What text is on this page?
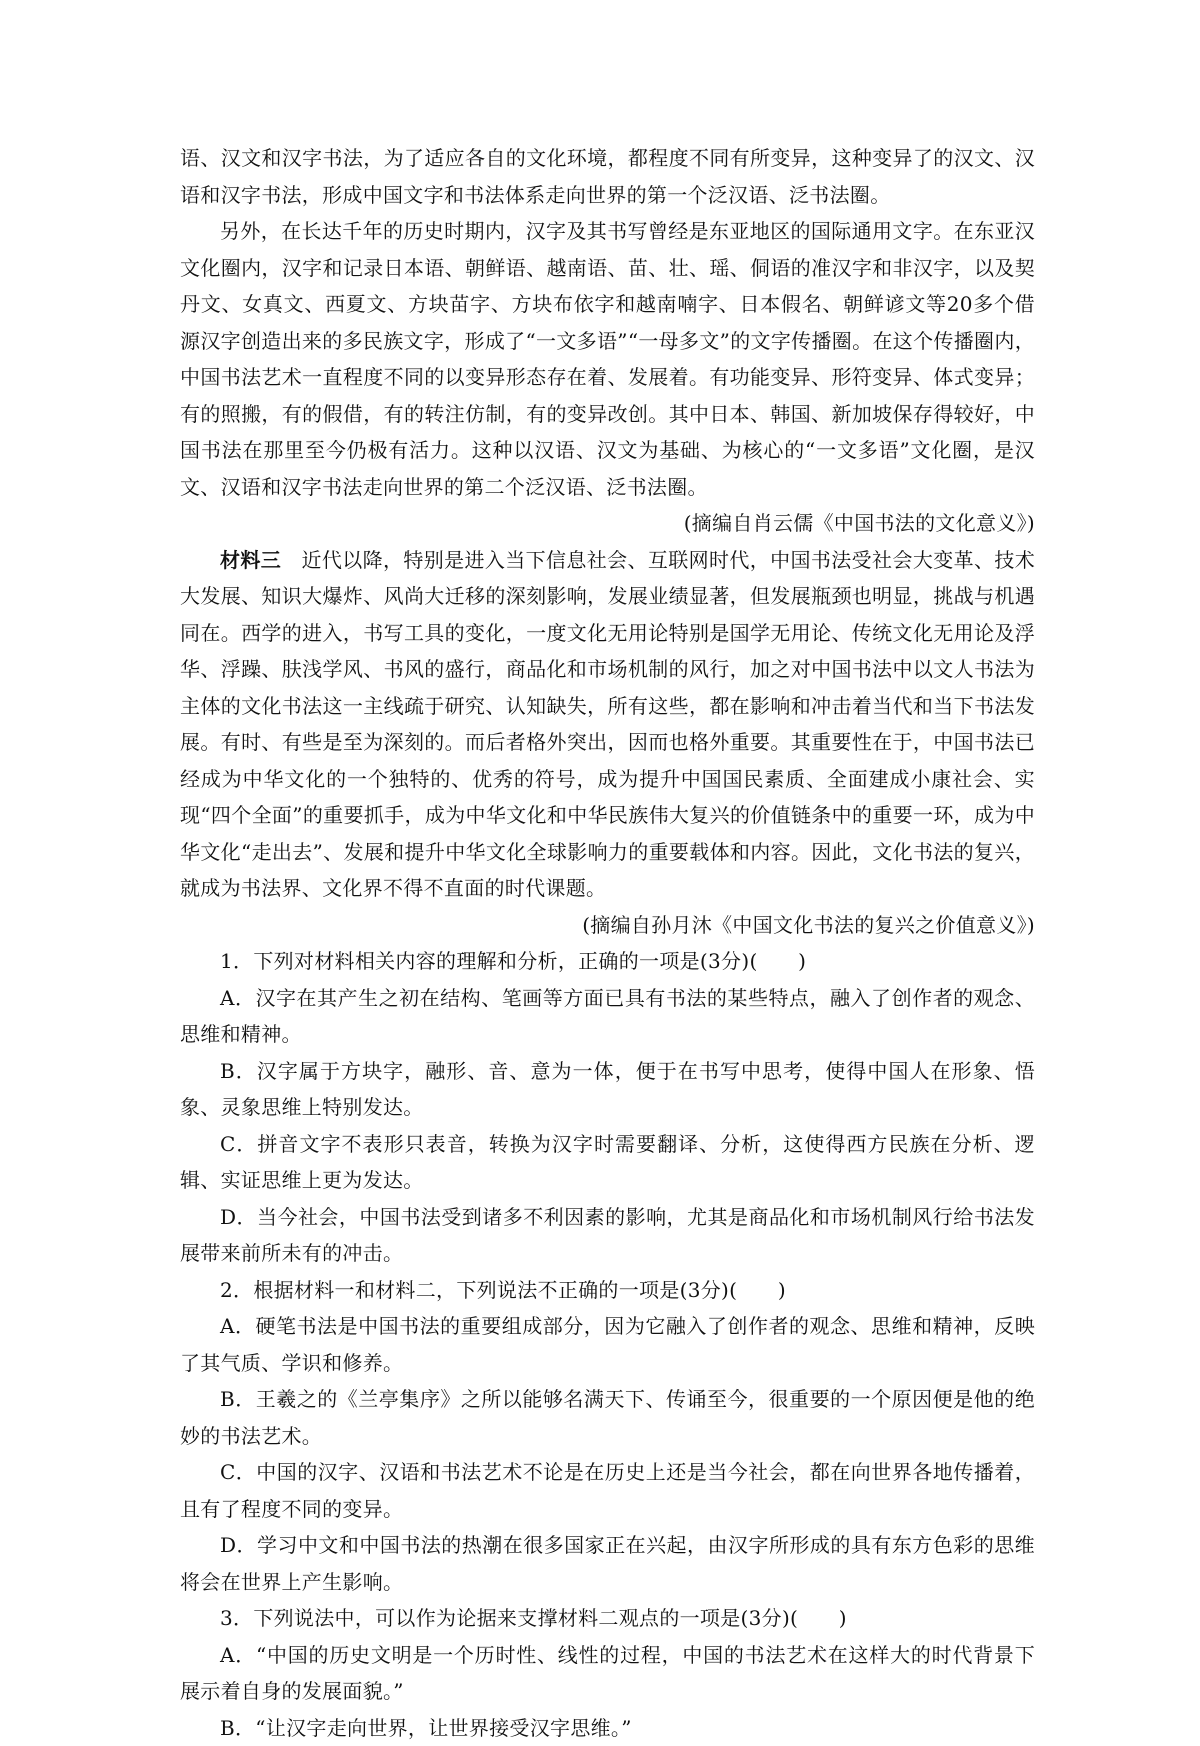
语、汉文和汉字书法，为了适应各自的文化环境，都程度不同有所变异，这种变异了的汉文、汉语和汉字书法，形成中国文字和书法体系走向世界的第一个泛汉语、泛书法圈。

另外，在长达千年的历史时期内，汉字及其书写曾经是东亚地区的国际通用文字。在东亚汉文化圈内，汉字和记录日本语、朝鲜语、越南语、苗、壮、瑶、侗语的准汉字和非汉字，以及契丹文、女真文、西夏文、方块苗字、方块布依字和越南喃字、日本假名、朝鲜谚文等20多个借源汉字创造出来的多民族文字，形成了“一文多语”“一母多文”的文字传播圈。在这个传播圈内，中国书法艺术一直程度不同的以变异形态存在着、发展着。有功能变异、形符变异、体式变异；有的照搬，有的假借，有的转注仿制，有的变异改创。其中日本、韩国、新加坡保存得较好，中国书法在那里至今仍极有活力。这种以汉语、汉文为基础、为核心的“一文多语”文化圈，是汉文、汉语和汉字书法走向世界的第二个泛汉语、泛书法圈。

(摘编自肖云儒《中国书法的文化意义》)

材料三　 近代以降，特别是进入当下信息社会、互联网时代，中国书法受社会大变革、技术大发展、知识大爆炸、风尚大迁移的深刻影响，发展业绩显著，但发展瓶颈也明显，挑战与机遇同在。西学的进入，书写工具的变化，一度文化无用论特别是国学无用论、传统文化无用论及浮华、浮躁、肤浅学风、书风的盛行，商品化和市场机制的风行，加之对中国书法中以文人书法为主体的文化书法这一主线疏于研究、认知缺失，所有这些，都在影响和冲击着当代和当下书法发展。有时、有些是至为深刻的。而后者格外突出，因而也格外重要。其重要性在于，中国书法已经成为中华文化的一个独特的、优秀的符号，成为提升中国国民素质、全面建成小康社会、实现“四个全面”的重要抓手，成为中华文化和中华民族伟大复兴的价值链条中的重要一环，成为中华文化“走出去”、发展和提升中华文化全球影响力的重要载体和内容。因此，文化书法的复兴，就成为书法界、文化界不得不直面的时代课题。

(摘编自孙月沐《中国文化书法的复兴之价值意义》)

1．下列对材料相关内容的理解和分析，正确的一项是(3分)(　　)

A．汉字在其产生之初在结构、笔画等方面已具有书法的某些特点，融入了创作者的观念、思维和精神。

B．汉字属于方块字，融形、音、意为一体，便于在书写中思考，使得中国人在形象、悟象、灵象思维上特别发达。

C．拼音文字不表形只表音，转换为汉字时需要翻译、分析，这使得西方民族在分析、逻辑、实证思维上更为发达。

D．当今社会，中国书法受到诸多不利因素的影响，尤其是商品化和市场机制风行给书法发展带来前所未有的冲击。

2．根据材料一和材料二，下列说法不正确的一项是(3分)(　　)

A．硬笔书法是中国书法的重要组成部分，因为它融入了创作者的观念、思维和精神，反映了其气质、学识和修养。

B．王羲之的《兰亭集序》之所以能够名满天下、传诵至今，很重要的一个原因便是他的绝妙的书法艺术。

C．中国的汉字、汉语和书法艺术不论是在历史上还是当今社会，都在向世界各地传播着，且有了程度不同的变异。

D．学习中文和中国书法的热潮在很多国家正在兴起，由汉字所形成的具有东方色彩的思维将会在世界上产生影响。

3．下列说法中，可以作为论据来支撑材料二观点的一项是(3分)(　　)

A．“中国的历史文明是一个历时性、线性的过程，中国的书法艺术在这样大的时代背景下展示着自身的发展面貌。”

B．“让汉字走向世界，让世界接受汉字思维。”
